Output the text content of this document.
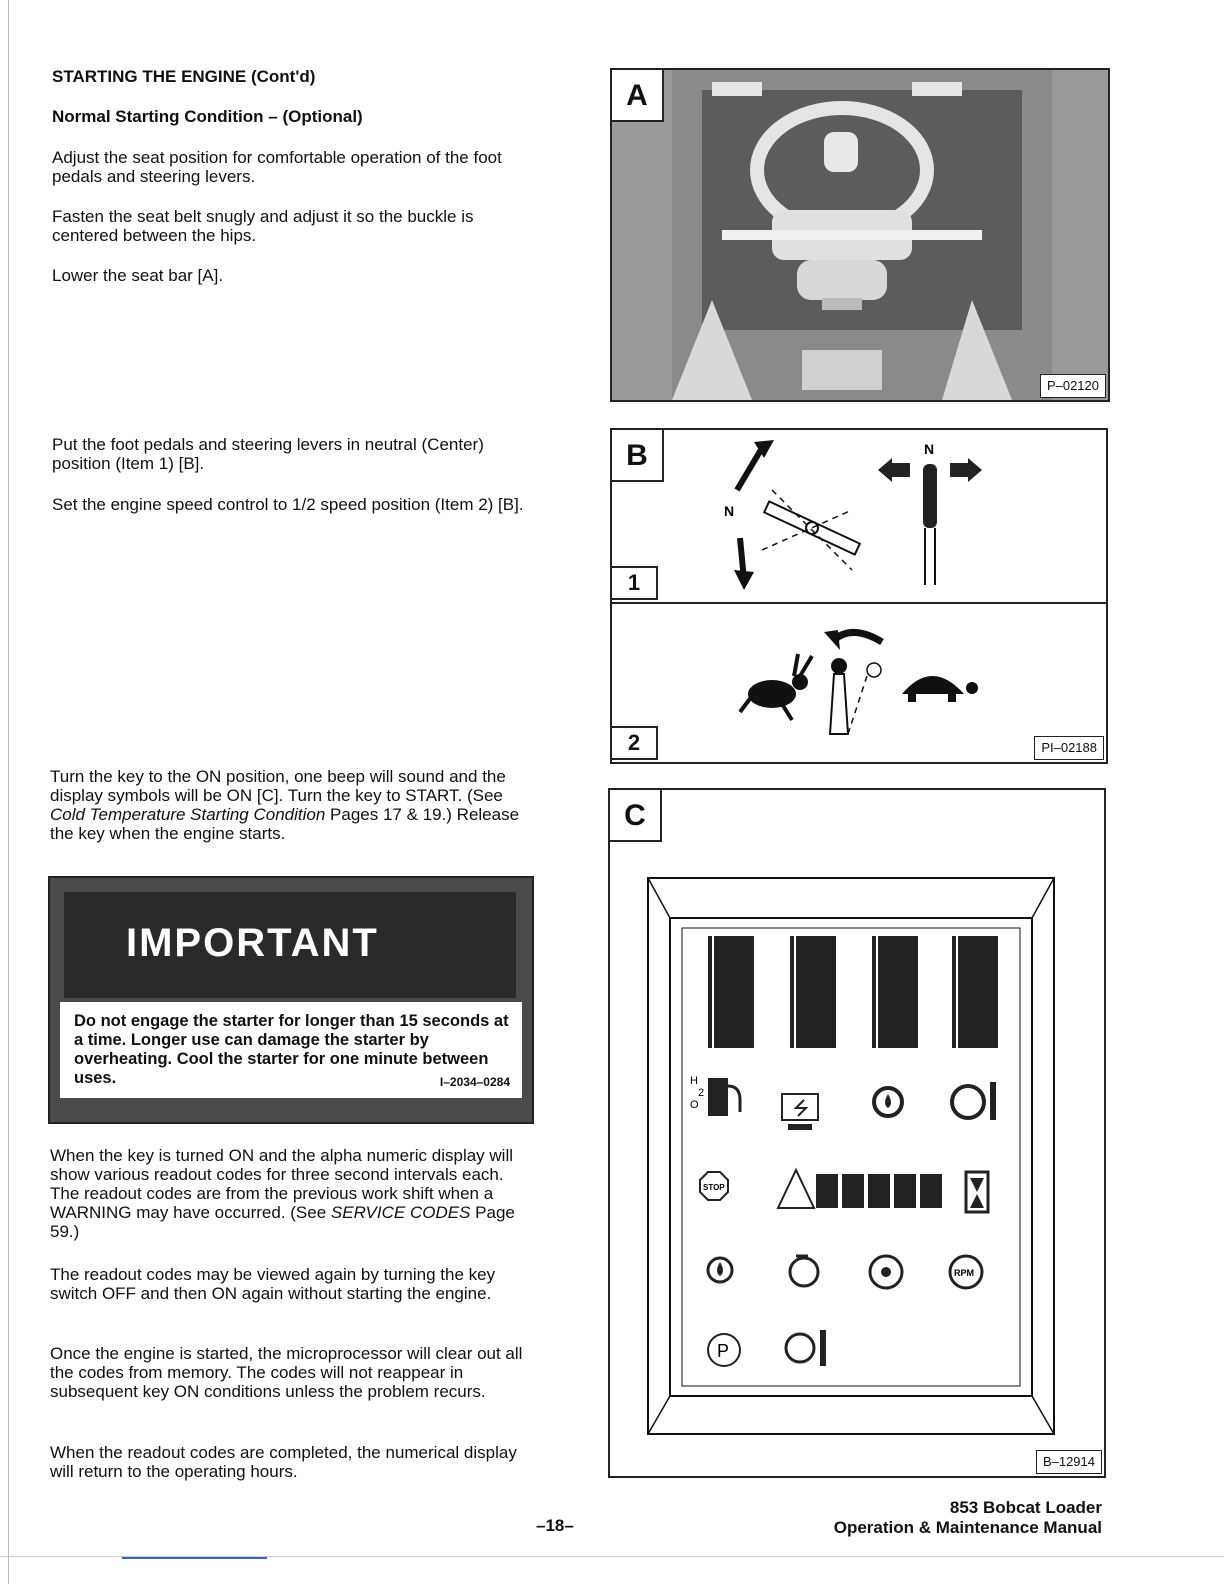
STARTING THE ENGINE (Cont'd)

Normal Starting Condition – (Optional)

Adjust the seat position for comfortable operation of the foot pedals and steering levers.

Fasten the seat belt snugly and adjust it so the buckle is centered between the hips.

Lower the seat bar [A].

Put the foot pedals and steering levers in neutral (Center) position (Item 1) [B].

Set the engine speed control to 1/2 speed position (Item 2) [B].

Turn the key to the ON position, one beep will sound and the display symbols will be ON [C]. Turn the key to START. (See Cold Temperature Starting Condition Pages 17 & 19.) Release the key when the engine starts.

IMPORTANT
Do not engage the starter for longer than 15 seconds at a time. Longer use can damage the starter by overheating. Cool the starter for one minute between uses.	I–2034–0284

When the key is turned ON and the alpha numeric display will show various readout codes for three second intervals each. The readout codes are from the previous work shift when a WARNING may have occurred. (See SERVICE CODES Page 59.)

The readout codes may be viewed again by turning the key switch OFF and then ON again without starting the engine.

Once the engine is started, the microprocessor will clear out all the codes from memory. The codes will not reappear in subsequent key ON conditions unless the problem recurs.

When the readout codes are completed, the numerical display will return to the operating hours.

A
P–02120
B
1
2
N
N
PI–02188
C
H
2
O
STOP
RPM
P
B–12914
–18–
853 Bobcat Loader
Operation & Maintenance Manual
